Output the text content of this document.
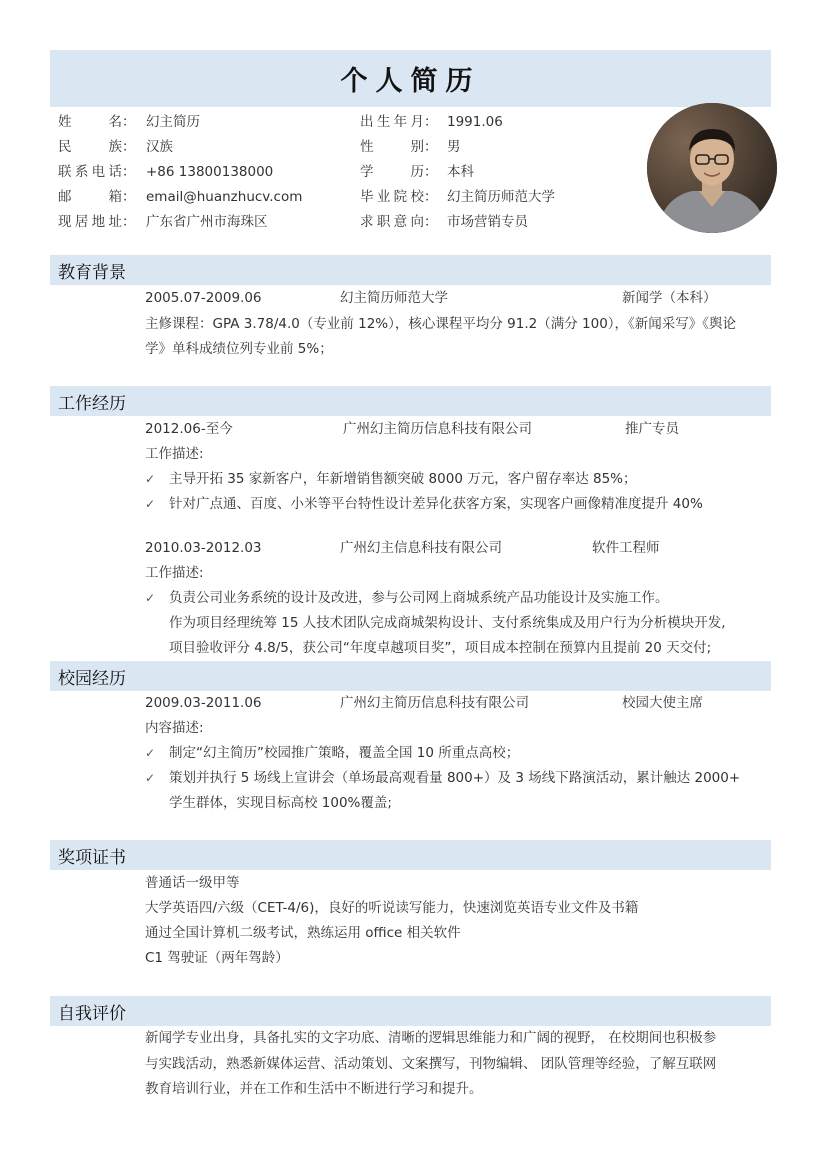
个人简历
姓名 ： 幻主简历	出生年月 ： 1991.06
民族 ： 汉族	性别 ： 男
联系电话 ： +86 13800138000	学历 ： 本科
邮箱 ： email@huanzhucv.com	毕业院校 ： 幻主简历师范大学
现居地址 ： 广东省广州市海珠区	求职意向 ： 市场营销专员
教育背景
2005.07-2009.06	幻主简历师范大学	新闻学（本科）
主修课程：GPA 3.78/4.0（专业前 12%），核心课程平均分 91.2（满分 100），《新闻采写》《舆论
学》单科成绩位列专业前 5%；
工作经历
2012.06-至今	广州幻主简历信息科技有限公司	推广专员
工作描述:
✓ 主导开拓 35 家新客户，年新增销售额突破 8000 万元，客户留存率达 85%；
✓ 针对广点通、百度、小米等平台特性设计差异化获客方案，实现客户画像精准度提升 40%
2010.03-2012.03	广州幻主信息科技有限公司	软件工程师
工作描述:
✓ 负责公司业务系统的设计及改进，参与公司网上商城系统产品功能设计及实施工作。
作为项目经理统筹 15 人技术团队完成商城架构设计、支付系统集成及用户行为分析模块开发,
项目验收评分 4.8/5，获公司“年度卓越项目奖”，项目成本控制在预算内且提前 20 天交付;
校园经历
2009.03-2011.06	广州幻主简历信息科技有限公司	校园大使主席
内容描述:
✓ 制定“幻主简历”校园推广策略，覆盖全国 10 所重点高校；
✓ 策划并执行 5 场线上宣讲会（单场最高观看量 800+）及 3 场线下路演活动，累计触达 2000+
学生群体，实现目标高校 100%覆盖;
奖项证书
普通话一级甲等
大学英语四/六级（CET-4/6)，良好的听说读写能力，快速浏览英语专业文件及书籍
通过全国计算机二级考试，熟练运用 office 相关软件
C1 驾驶证（两年驾龄）
自我评价
新闻学专业出身，具备扎实的文字功底、清晰的逻辑思维能力和广阔的视野， 在校期间也积极参
与实践活动，熟悉新媒体运营、活动策划、文案撰写，刊物编辑、 团队管理等经验，了解互联网
教育培训行业，并在工作和生活中不断进行学习和提升。
